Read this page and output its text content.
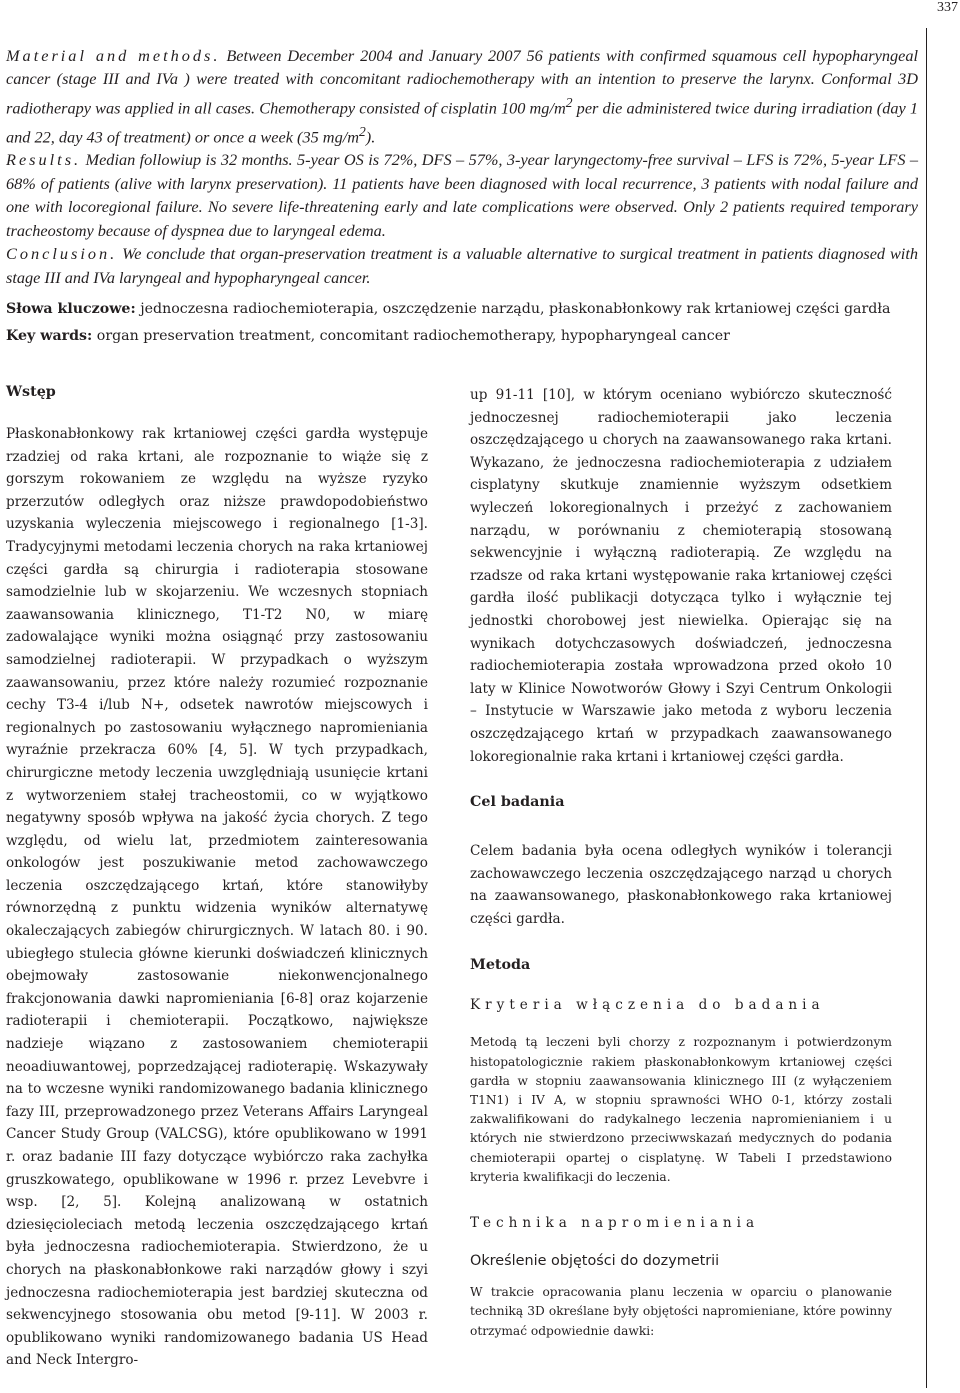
337

Material and methods. Between December 2004 and January 2007 56 patients with confirmed squamous cell hypopharyngeal cancer (stage III and IVa ) were treated with concomitant radiochemotherapy with an intention to preserve the larynx. Conformal 3D radiotherapy was applied in all cases. Chemotherapy consisted of cisplatin 100 $mg/m^2$ per die administered twice during irradiation (day 1 and 22, day 43 of treatment) or once a week (35 $mg/m^2$).

Results. Median followiup is 32 months. 5-year OS is 72%, DFS – 57%, 3-year laryngectomy-free survival – LFS is 72%, 5-year LFS – 68% of patients (alive with larynx preservation). 11 patients have been diagnosed with local recurrence, 3 patients with nodal failure and one with locoregional failure. No severe life-threatening early and late complications were observed. Only 2 patients required temporary tracheostomy because of dyspnea due to laryngeal edema.

Conclusion. We conclude that organ-preservation treatment is a valuable alternative to surgical treatment in patients diagnosed with stage III and IVa laryngeal and hypopharyngeal cancer.

Słowa kluczowe: jednoczesna radiochemioterapia, oszczędzenie narządu, płaskonabłonkowy rak krtaniowej części gardła
Key wards: organ preservation treatment, concomitant radiochemotherapy, hypopharyngeal cancer

Wstęp

Płaskonabłonkowy rak krtaniowej części gardła występuje rzadziej od raka krtani, ale rozpoznanie to wiąże się z gorszym rokowaniem ze względu na wyższe ryzyko przerzutów odległych oraz niższe prawdopodobieństwo uzyskania wyleczenia miejscowego i regionalnego [1-3]. Tradycyjnymi metodami leczenia chorych na raka krtaniowej części gardła są chirurgia i radioterapia stosowane samodzielnie lub w skojarzeniu. We wczesnych stopniach zaawansowania klinicznego, T1-T2 N0, w miarę zadowalające wyniki można osiągnąć przy zastosowaniu samodzielnej radioterapii. W przypadkach o wyższym zaawansowaniu, przez które należy rozumieć rozpoznanie cechy T3-4 i/lub N+, odsetek nawrotów miejscowych i regionalnych po zastosowaniu wyłącznego napromieniania wyraźnie przekracza 60% [4, 5]. W tych przypadkach, chirurgiczne metody leczenia uwzględniają usunięcie krtani z wytworzeniem stałej tracheostomii, co w wyjątkowo negatywny sposób wpływa na jakość życia chorych. Z tego względu, od wielu lat, przedmiotem zainteresowania onkologów jest poszukiwanie metod zachowawczego leczenia oszczędzającego krtań, które stanowiłyby równorzędną z punktu widzenia wyników alternatywę okaleczających zabiegów chirurgicznych. W latach 80. i 90. ubiegłego stulecia główne kierunki doświadczeń klinicznych obejmowały zastosowanie niekonwencjonalnego frakcjonowania dawki napromieniania [6-8] oraz kojarzenie radioterapii i chemioterapii. Początkowo, największe nadzieje wiązano z zastosowaniem chemioterapii neoadiuwantowej, poprzedzającej radioterapię. Wskazywały na to wczesne wyniki randomizowanego badania klinicznego fazy III, przeprowadzonego przez Veterans Affairs Laryngeal Cancer Study Group (VALCSG), które opublikowano w 1991 r. oraz badanie III fazy dotyczące wybiórczo raka zachyłka gruszkowatego, opublikowane w 1996 r. przez Levebvre i wsp. [2, 5]. Kolejną analizowaną w ostatnich dziesięcioleciach metodą leczenia oszczędzającego krtań była jednoczesna radiochemioterapia. Stwierdzono, że u chorych na płaskonabłonkowe raki narządów głowy i szyi jednoczesna radiochemioterapia jest bardziej skuteczna od sekwencyjnego stosowania obu metod [9-11]. W 2003 r. opublikowano wyniki randomizowanego badania US Head and Neck Intergro-

up 91-11 [10], w którym oceniano wybiórczo skuteczność jednoczesnej radiochemioterapii jako leczenia oszczędzającego u chorych na zaawansowanego raka krtani. Wykazano, że jednoczesna radiochemioterapia z udziałem cisplatyny skutkuje znamiennie wyższym odsetkiem wyleczeń lokoregionalnych i przeżyć z zachowaniem narządu, w porównaniu z chemioterapią stosowaną sekwencyjnie i wyłączną radioterapią. Ze względu na rzadsze od raka krtani występowanie raka krtaniowej części gardła ilość publikacji dotycząca tylko i wyłącznie tej jednostki chorobowej jest niewielka. Opierając się na wynikach dotychczasowych doświadczeń, jednoczesna radiochemioterapia została wprowadzona przed około 10 laty w Klinice Nowotworów Głowy i Szyi Centrum Onkologii – Instytucie w Warszawie jako metoda z wyboru leczenia oszczędzającego krtań w przypadkach zaawansowanego lokoregionalnie raka krtani i krtaniowej części gardła.

Cel badania

Celem badania była ocena odległych wyników i tolerancji zachowawczego leczenia oszczędzającego narząd u chorych na zaawansowanego, płaskonabłonkowego raka krtaniowej części gardła.

Metoda

Kryteria włączenia do badania

Metodą tą leczeni byli chorzy z rozpoznanym i potwierdzonym histopatologicznie rakiem płaskonabłonkowym krtaniowej części gardła w stopniu zaawansowania klinicznego III (z wyłączeniem T1N1) i IV A, w stopniu sprawności WHO 0-1, którzy zostali zakwalifikowani do radykalnego leczenia napromienianiem i u których nie stwierdzono przeciwwskazań medycznych do podania chemioterapii opartej o cisplatynę. W Tabeli I przedstawiono kryteria kwalifikacji do leczenia.

Technika napromieniania

Określenie objętości do dozymetrii

W trakcie opracowania planu leczenia w oparciu o planowanie techniką 3D określane były objętości napromieniane, które powinny otrzymać odpowiednie dawki:
